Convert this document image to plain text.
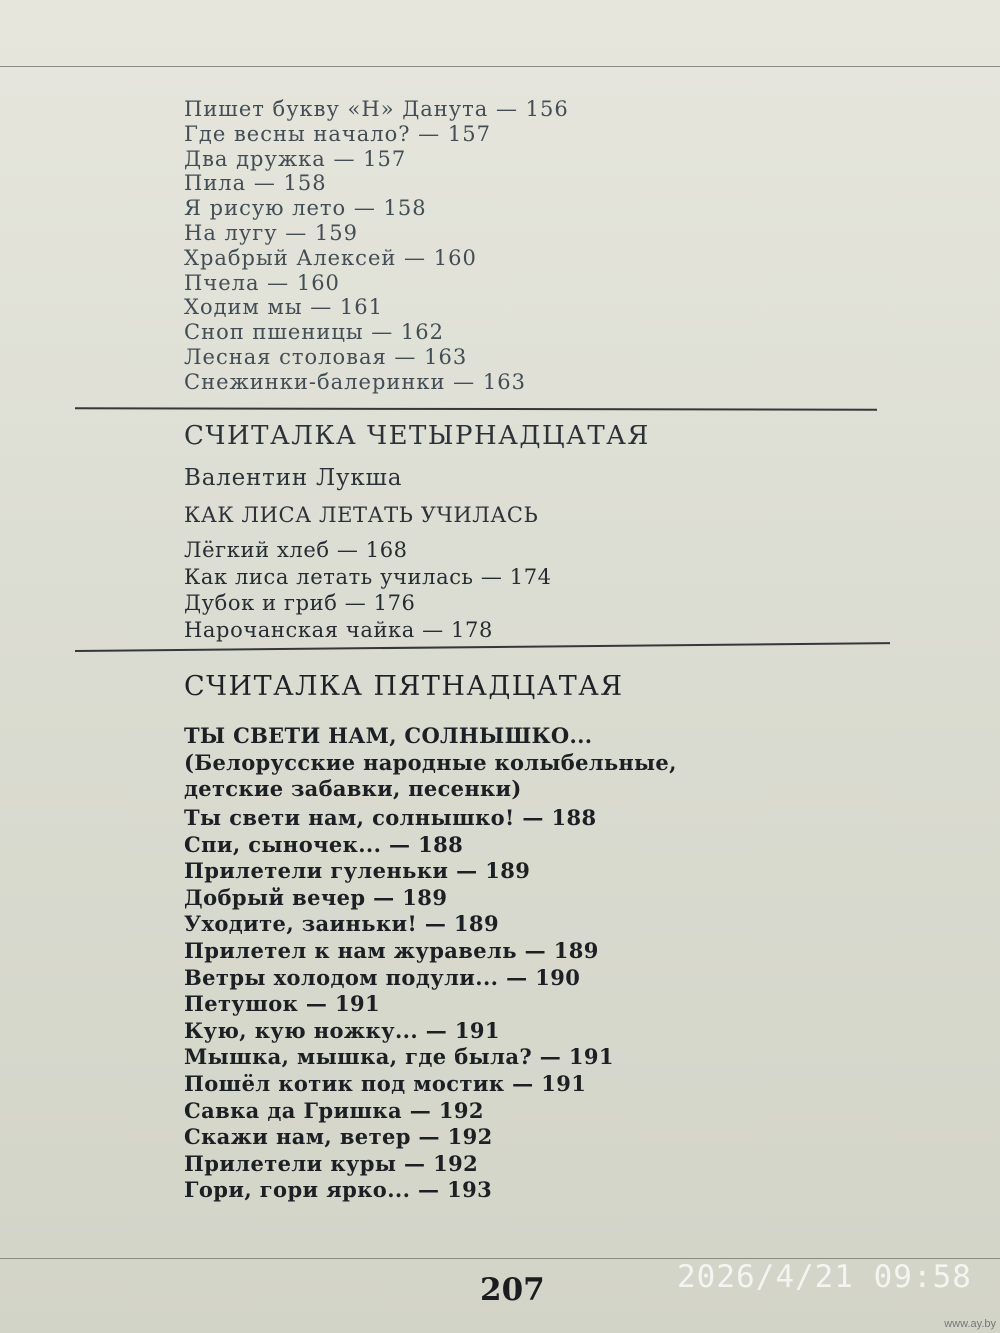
Пишет букву «Н» Данута — 156
Где весны начало? — 157
Два дружка — 157
Пила — 158
Я рисую лето — 158
На лугу — 159
Храбрый Алексей — 160
Пчела — 160
Ходим мы — 161
Сноп пшеницы — 162
Лесная столовая — 163
Снежинки-балеринки — 163
СЧИТАЛКА ЧЕТЫРНАДЦАТАЯ
Валентин Лукша
КАК ЛИСА ЛЕТАТЬ УЧИЛАСЬ
Лёгкий хлеб — 168
Как лиса летать училась — 174
Дубок и гриб — 176
Нарочанская чайка — 178
СЧИТАЛКА ПЯТНАДЦАТАЯ
ТЫ СВЕТИ НАМ, СОЛНЫШКО...
(Белорусские народные колыбельные,
детские забавки, песенки)
Ты свети нам, солнышко! — 188
Спи, сыночек... — 188
Прилетели гуленьки — 189
Добрый вечер — 189
Уходите, заиньки! — 189
Прилетел к нам журавель — 189
Ветры холодом подули... — 190
Петушок — 191
Кую, кую ножку... — 191
Мышка, мышка, где была? — 191
Пошёл котик под мостик — 191
Савка да Гришка — 192
Скажи нам, ветер — 192
Прилетели куры — 192
Гори, гори ярко... — 193
207	2026/4/21 09:58
www.ay.by
